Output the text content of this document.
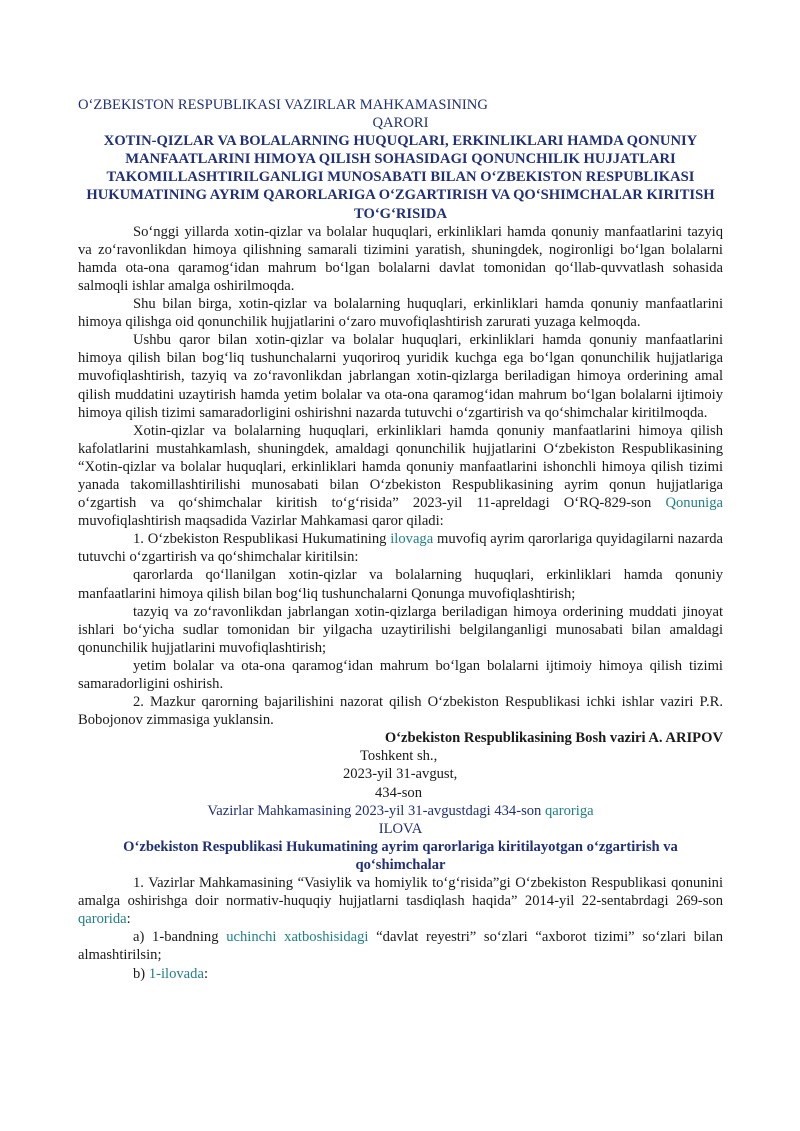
O‘ZBEKISTON RESPUBLIKASI VAZIRLAR MAHKAMASINING
QARORI
XOTIN-QIZLAR VA BOLALARNING HUQUQLARI, ERKINLIKLARI HAMDA QONUNIY MANFAATLARINI HIMOYA QILISH SOHASIDAGI QONUNCHILIK HUJJATLARI TAKOMILLASHTIRILGANLIGI MUNOSABATI BILAN O‘ZBEKISTON RESPUBLIKASI HUKUMATINING AYRIM QARORLARIGA O‘ZGARTIRISH VA QO‘SHIMCHALAR KIRITISH TO‘G‘RISIDA

So‘nggi yillarda xotin-qizlar va bolalar huquqlari, erkinliklari hamda qonuniy manfaatlarini tazyiq va zo‘ravonlikdan himoya qilishning samarali tizimini yaratish, shuningdek, nogironligi bo‘lgan bolalarni hamda ota-ona qaramog‘idan mahrum bo‘lgan bolalarni davlat tomonidan qo‘llab-quvvatlash sohasida salmoqli ishlar amalga oshirilmoqda.

Shu bilan birga, xotin-qizlar va bolalarning huquqlari, erkinliklari hamda qonuniy manfaatlarini himoya qilishga oid qonunchilik hujjatlarini o‘zaro muvofiqlashtirish zarurati yuzaga kelmoqda.

Ushbu qaror bilan xotin-qizlar va bolalar huquqlari, erkinliklari hamda qonuniy manfaatlarini himoya qilish bilan bog‘liq tushunchalarni yuqoriroq yuridik kuchga ega bo‘lgan qonunchilik hujjatlariga muvofiqlashtirish, tazyiq va zo‘ravonlikdan jabrlangan xotin-qizlarga beriladigan himoya orderining amal qilish muddatini uzaytirish hamda yetim bolalar va ota-ona qaramog‘idan mahrum bo‘lgan bolalarni ijtimoiy himoya qilish tizimi samaradorligini oshirishni nazarda tutuvchi o‘zgartirish va qo‘shimchalar kiritilmoqda.

Xotin-qizlar va bolalarning huquqlari, erkinliklari hamda qonuniy manfaatlarini himoya qilish kafolatlarini mustahkamlash, shuningdek, amaldagi qonunchilik hujjatlarini O‘zbekiston Respublikasining “Xotin-qizlar va bolalar huquqlari, erkinliklari hamda qonuniy manfaatlarini ishonchli himoya qilish tizimi yanada takomillashtirilishi munosabati bilan O‘zbekiston Respublikasining ayrim qonun hujjatlariga o‘zgartish va qo‘shimchalar kiritish to‘g‘risida” 2023-yil 11-apreldagi O‘RQ-829-son Qonuniga muvofiqlashtirish maqsadida Vazirlar Mahkamasi qaror qiladi:

1. O‘zbekiston Respublikasi Hukumatining ilovaga muvofiq ayrim qarorlariga quyidagilarni nazarda tutuvchi o‘zgartirish va qo‘shimchalar kiritilsin:

qarorlarda qo‘llanilgan xotin-qizlar va bolalarning huquqlari, erkinliklari hamda qonuniy manfaatlarini himoya qilish bilan bog‘liq tushunchalarni Qonunga muvofiqlashtirish;

tazyiq va zo‘ravonlikdan jabrlangan xotin-qizlarga beriladigan himoya orderining muddati jinoyat ishlari bo‘yicha sudlar tomonidan bir yilgacha uzaytirilishi belgilanganligi munosabati bilan amaldagi qonunchilik hujjatlarini muvofiqlashtirish;

yetim bolalar va ota-ona qaramog‘idan mahrum bo‘lgan bolalarni ijtimoiy himoya qilish tizimi samaradorligini oshirish.

2. Mazkur qarorning bajarilishini nazorat qilish O‘zbekiston Respublikasi ichki ishlar vaziri P.R. Bobojonov zimmasiga yuklansin.

O‘zbekiston Respublikasining Bosh vaziri A. ARIPOV
Toshkent sh.,
2023-yil 31-avgust,
434-son
Vazirlar Mahkamasining 2023-yil 31-avgustdagi 434-son qaroriga
ILOVA
O‘zbekiston Respublikasi Hukumatining ayrim qarorlariga kiritilayotgan o‘zgartirish va qo‘shimchalar

1. Vazirlar Mahkamasining “Vasiylik va homiylik to‘g‘risida”gi O‘zbekiston Respublikasi qonunini amalga oshirishga doir normativ-huquqiy hujjatlarni tasdiqlash haqida” 2014-yil 22-sentabrdagi 269-son qarorida:

a) 1-bandning uchinchi xatboshisidagi “davlat reyestri” so‘zlari “axborot tizimi” so‘zlari bilan almashtirilsin;

b) 1-ilovada:
